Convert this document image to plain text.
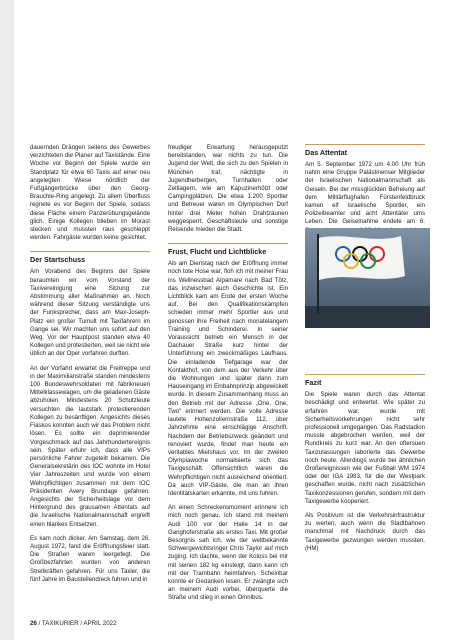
dauernden Drängen seitens des Gewerbes verzichteten die Planer auf Taxistände. Eine Woche vor Beginn der Spiele wurde ein Standplatz für etwa 60 Taxis auf einer neu angelegten Wiese nördlich der Fußgängerbrücke über den Georg-Brauchle-Ring angelegt. Zu allem Überfluss regnete es vor Beginn der Spiele, sodass diese Fläche einem Panzerübungsgelände glich. Einige Kollegen blieben im Morast stecken und mussten raus geschleppt werden. Fahrgäste wurden keine gesichtet.

Der Startschuss

Am Vorabend des Beginns der Spiele beraumten wir vom Vorstand der Taxivereinigung eine Sitzung zur Abstimmung aller Maßnahmen an. Noch während dieser Sitzung verständigte uns der Funksprecher, dass am Max-Joseph-Platz ein großer Tumult mit Taxifahrern im Gange sei. Wir machten uns sofort auf den Weg. Vor der Hauptpost standen etwa 40 Kollegen und protestierten, weil sie nicht wie üblich an der Oper vorfahren durften.

An der Vorfahrt erwartet die Freitreppe und in der Maximilianstraße standen mindestens 100 Bundeswehrsoldaten mit fabrikneuen Mittelklassewagen, um die geladenen Gäste abzuholen. Mindestens 20 Schutzleute versuchten die lautstark protestierenden Kollegen zu besänftigen. Angesichts dieses Fiaskos konnten auch wir das Problem nicht lösen. Es sollte ein deprimierender Vorgeschmack auf das Jahrhundertereignis sein. Später erfuhr ich, dass alle VIPs persönliche Fahrer zugeteilt bekamen. Die Generalsekretärin des IOC wohnte im Hotel Vier Jahreszeiten und wurde von einem Wehrpflichtigen zusammen mit dem IOC Präsidenten Avery Brundage gefahren. Angesichts der Sicherheitslage vor dem Hintergrund des grausamen Attentats auf die Israelische Nationalmannschaft ergreift einen blankes Entsetzen.

Es kam noch dicker. Am Samstag, dem 26. August 1972, fand die Eröffnungsfeier statt. Die Straßen waren leergefegt. Die Großbezfahrten wurden von anderen Streitkräften gefahren. Für uns Taxler, die fünf Jahre im Bausteilendreck fuhren und in

freudiger Erwartung herausgeputzt bereitstanden, war nichts zu tun. Die Jugend der Welt, die sich zu den Spielen in München traf, nächtigte in Jugendherbergen, Turnhallen oder Zeltlagern, wie am Kapuzinerhölzl oder Campingplätzen. Die etwa 1.200 Sportler und Betreuer waren im Olympischen Dorf hinter drei Meter hohen Drahtzäunen weggesperrt. Geschäftsleute und sonstige Reisende mieden die Stadt.

Frust, Flucht und Lichtblicke

Als am Dienstag nach der Eröffnung immer noch tote Hose war, floh ich mit meiner Frau ins Wellnessbad Alpamare nach Bad Tölz, das inzwischen auch Geschichte ist. Ein Lichtblick kam am Ende der ersten Woche auf. Bei den Qualifikationskämpfen schieden immer mehr Sportler aus und genossen ihre Freiheit nach monatelangem Training und Schinderei. In seiner Voraussicht betrieb ein Mensch in der Dachauer Straße kurz hinter der Unterführung ein zweckmäßiges Laufhaus. Die einladende Tiefgarage war der Kontakthof, von dem aus der Verkehr über die Wohnungen und später dann zum Hauseingang im Einbahnprinzip abgewickelt wurde. In diesem Zusammenhang muss an den Betrieb mit der Adresse „One, One, Two“ erinnert werden. Die volle Adresse lautete Hohenzollernstraße 112, über Jahrzehnte eine einschlägige Anschrift. Nachdem der Betriebszweck geändert und renoviert wurde, findet man heute ein veritables Mietshaus vor. Im der zweiten Olympiawoche normalisierte sich das Taxigeschäft. Offensichtlich waren die Wehrpflichtigen nicht ausreichend orientiert. Da auch VIP-Gäste, die man an ihren Identitätskarten erkannte, mit uns fuhren.

An einen Schreckensmoment erinnere ich mich noch genau. Ich stand mit meinem Audi 100 vor der Halle 14 in der Ganghoferstraße als erstes Taxi. Mit großer Besorgnis sah ich, wie der weltbekannte Schwergewichtsringer Chris Taylor auf mich zuging. Ich dachte, wenn der Koloss bei mir mit seinen 182 kg einsteigt, dann kann ich mit der Trambahn heimfahren. Scheinbar konnte er Gedanken lesen. Er zwängte sich an meinem Audi vorbei, überquerte die Straße und stieg in einen Omnibus.

Das Attentat

Am 5. September 1972 um 4.00 Uhr früh nahm eine Gruppe Palästinenser Mitglieder der Israelischen Nationalmannschaft als Geiseln. Bei der missglückten Befreiung auf dem Militärflughafen Fürstenfeldbruck kamen elf Israelische Sportler, ein Polizeibeamter und acht Attentäter ums Leben. Die Geiselnahme endete am 6.

Fazit

Die Spiele waren durch das Attentat beschädigt und entwertet. Wie später zu erfahren war, wurde mit Sicherheitsvorkehrungen nicht sehr professionell umgegangen. Das Radstadion musste abgebrochen werden, weil der Rundkreis zu kurz war. An den oftersuen Taxizulassungen laborierte das Gewerbe noch heute. Allerdings wurde bei ähnlichen Großereignissen wie der Fußball WM 1974 oder der IGA 1983, für die der Westpark geschaffen wurde, nicht nach zusätzlichen Taxikonzessionen gerufen, sondern mit dem Taxigewerbe kooperiert.

Als Positivum ist die Verkehrsinfrastruktur zu werten, auch wenn die Stadtbahnen manchmal mit Nachdruck durch das Taxigewerbe gezwungen werden mussten. (HM)

26 / TAXIKURIER / APRIL 2022
